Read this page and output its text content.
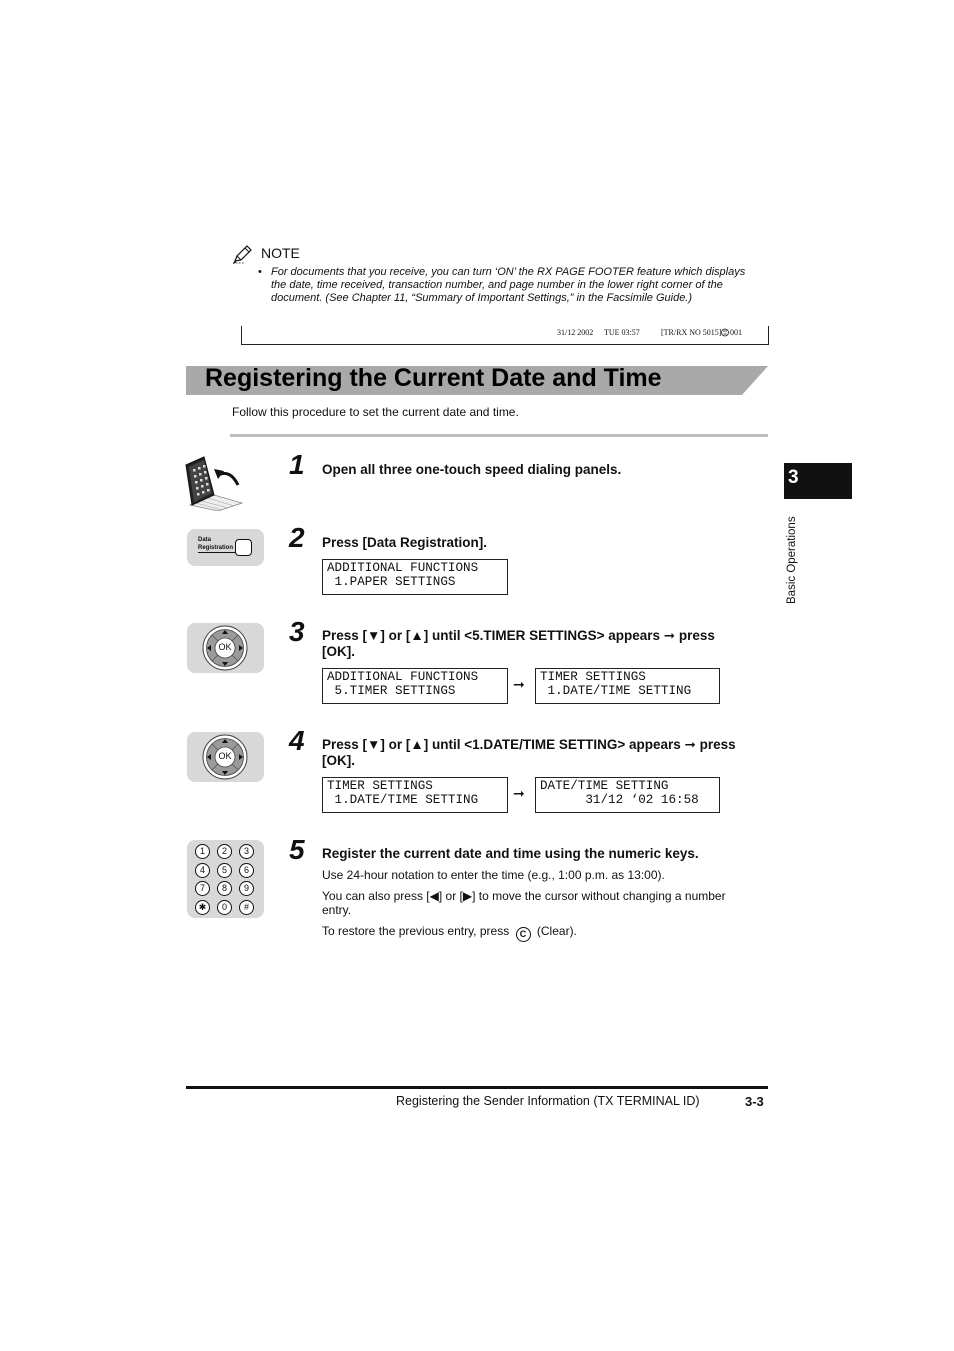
NOTE
• For documents that you receive, you can turn ‘ON’ the RX PAGE FOOTER feature which displays the date, time received, transaction number, and page number in the lower right corner of the document. (See Chapter 11, “Summary of Important Settings,” in the Facsimile Guide.)
31/12 2002 TUE 03:57	[TR/RX NO 5015] 001
Registering the Current Date and Time
Follow this procedure to set the current date and time.
1 Open all three one-touch speed dialing panels.
Data
Registration 2 Press [Data Registration].
ADDITIONAL FUNCTIONS
1.PAPER SETTINGS
OK 3 Press [▼] or [▲] until <5.TIMER SETTINGS> appears ➞ press
[OK].
ADDITIONAL FUNCTIONS
5.TIMER SETTINGS	➞ TIMER SETTINGS
1.DATE/TIME SETTING
OK 4 Press [▼] or [▲] until <1.DATE/TIME SETTING> appears ➞ press
[OK].
TIMER SETTINGS
1.DATE/TIME SETTING	➞ DATE/TIME SETTING
31/12 ‘02 16:58
1	2	3
4	5	6
7	8	9
✱	0	#
5 Register the current date and time using the numeric keys.
Use 24-hour notation to enter the time (e.g., 1:00 p.m. as 13:00).
You can also press [◀] or [▶] to move the cursor without changing a number
entry.
To restore the previous entry, press C (Clear).
3
Basic Operations
Registering the Sender Information (TX TERMINAL ID)	3-3
